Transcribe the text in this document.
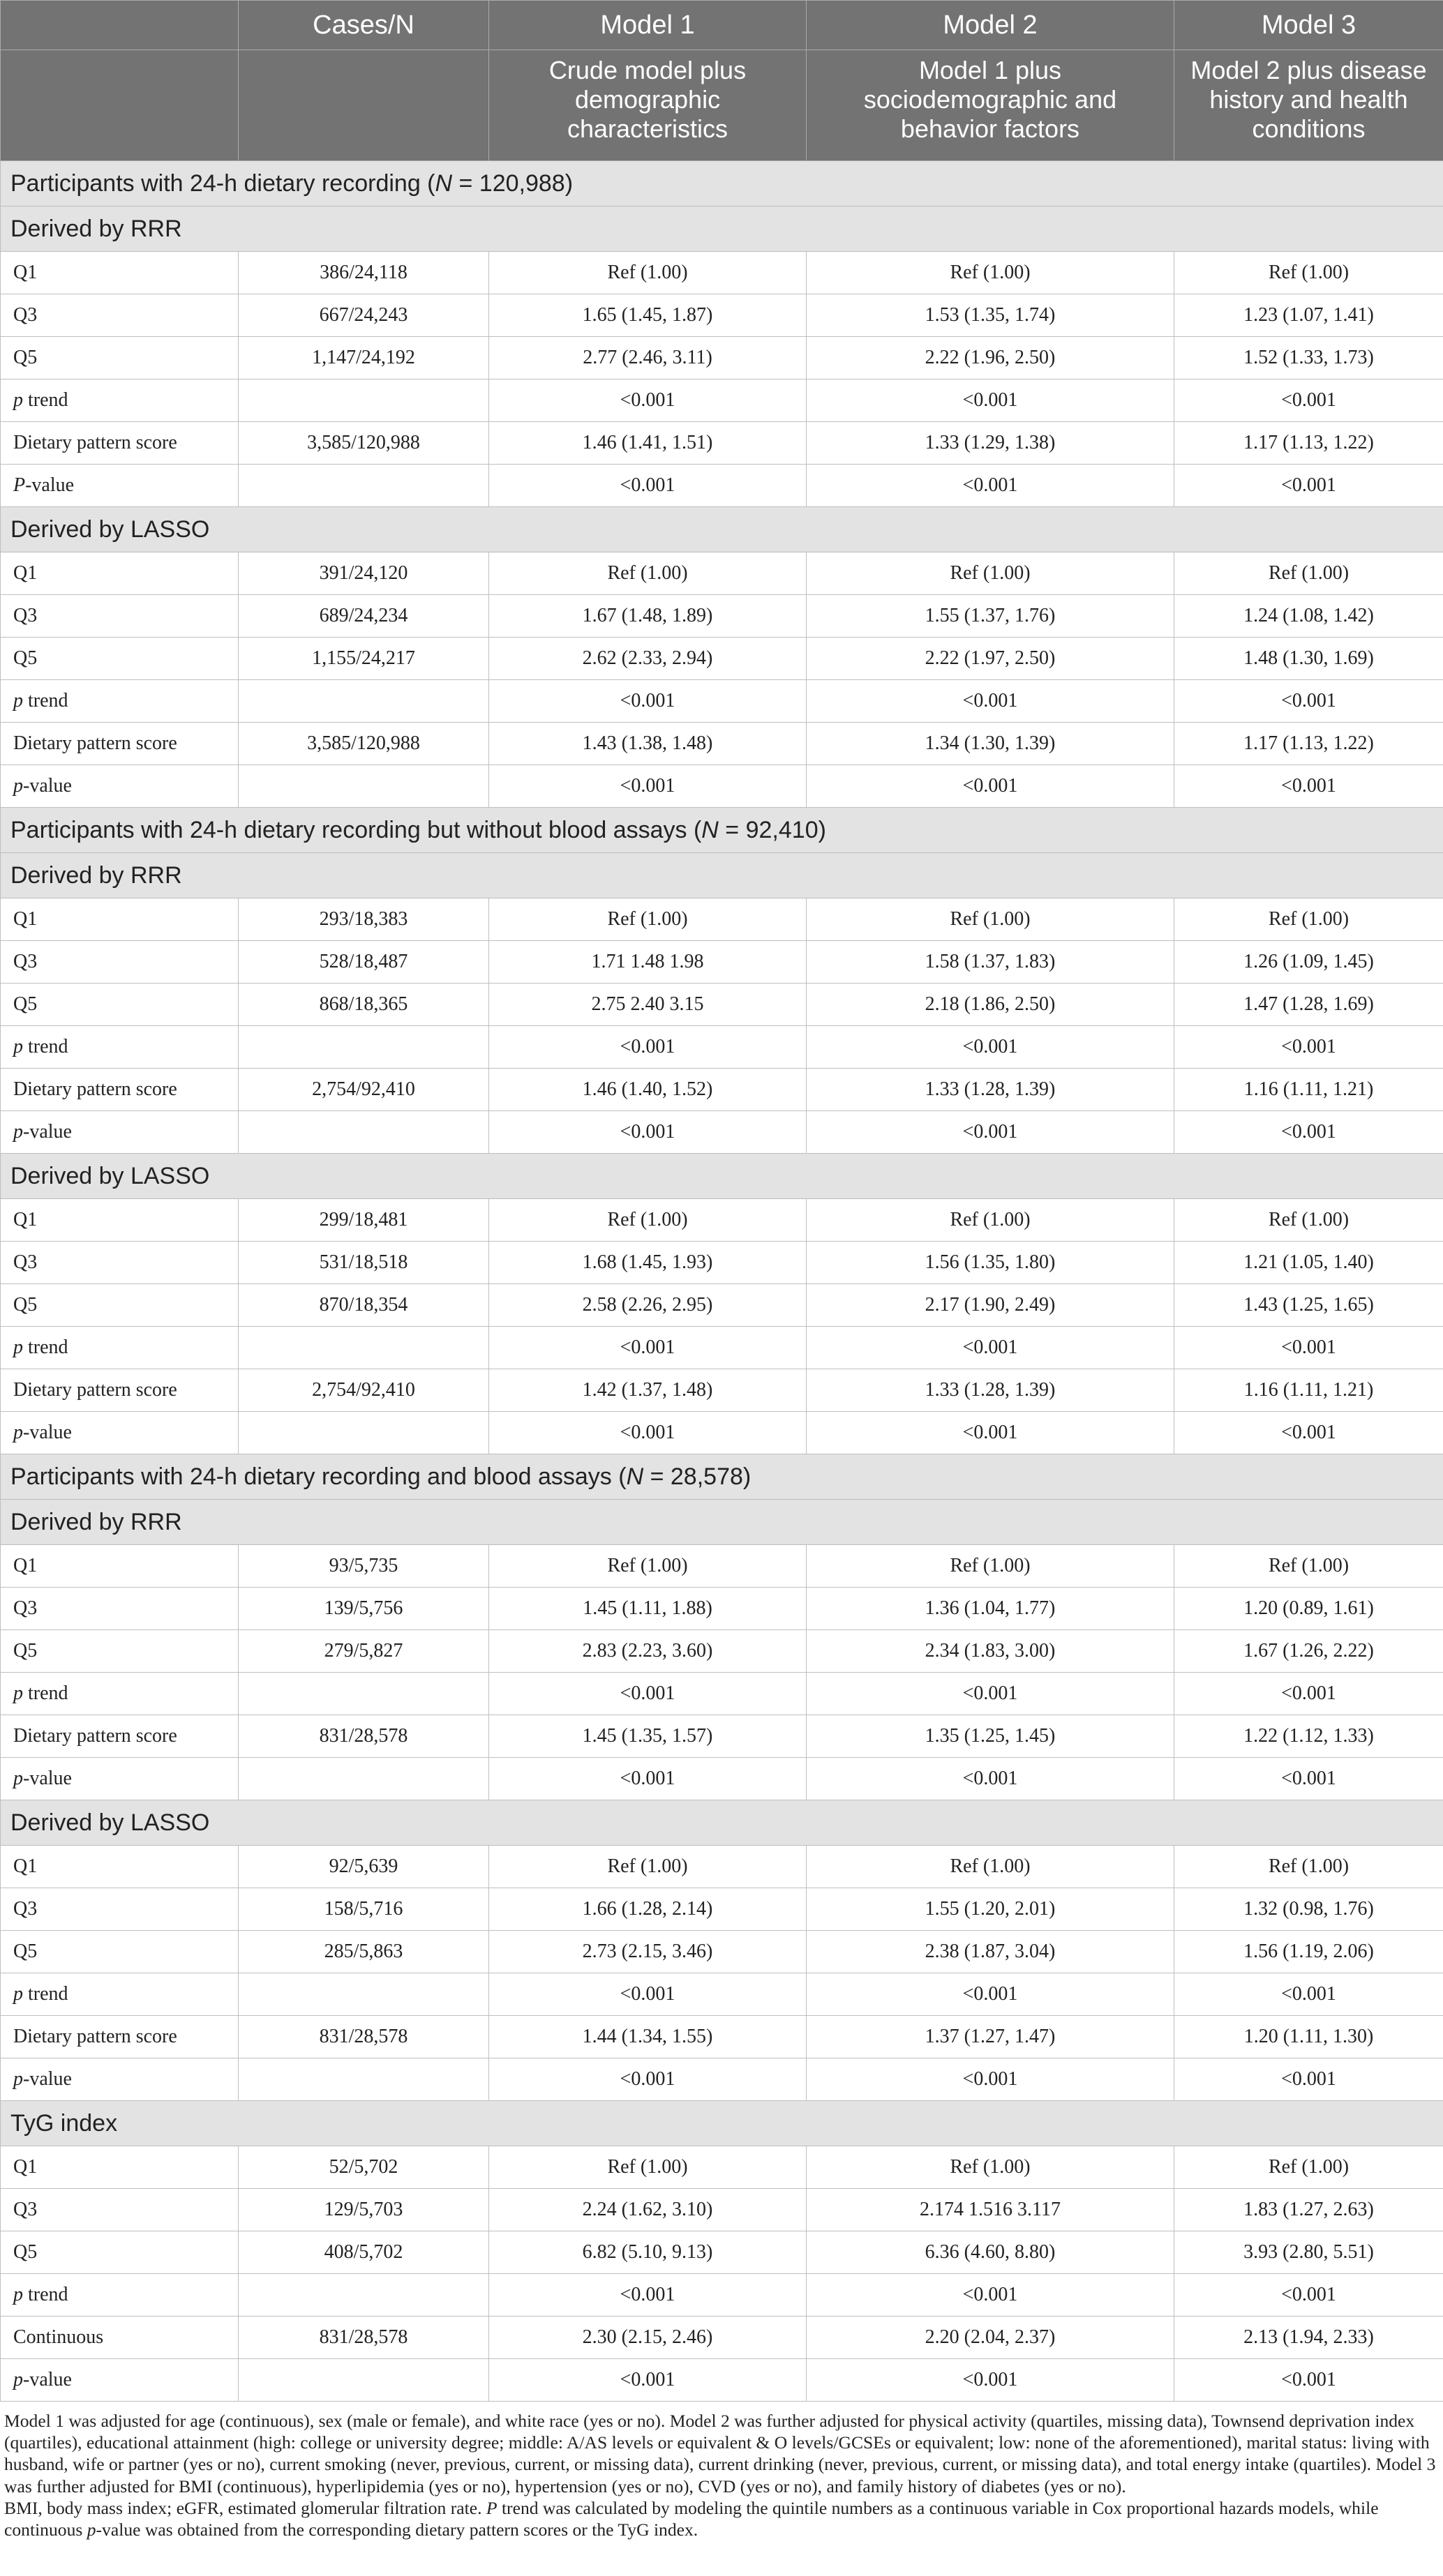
	Cases/N	Model 1	Model 2	Model 3
		Crude model plus demographic characteristics	Model 1 plus sociodemographic and behavior factors	Model 2 plus disease history and health conditions
Participants with 24-h dietary recording (N = 120,988)				
Derived by RRR				
Q1	386/24,118	Ref (1.00)	Ref (1.00)	Ref (1.00)
Q3	667/24,243	1.65 (1.45, 1.87)	1.53 (1.35, 1.74)	1.23 (1.07, 1.41)
Q5	1,147/24,192	2.77 (2.46, 3.11)	2.22 (1.96, 2.50)	1.52 (1.33, 1.73)
p trend		<0.001	<0.001	<0.001
Dietary pattern score	3,585/120,988	1.46 (1.41, 1.51)	1.33 (1.29, 1.38)	1.17 (1.13, 1.22)
P-value		<0.001	<0.001	<0.001
Derived by LASSO				
Q1	391/24,120	Ref (1.00)	Ref (1.00)	Ref (1.00)
Q3	689/24,234	1.67 (1.48, 1.89)	1.55 (1.37, 1.76)	1.24 (1.08, 1.42)
Q5	1,155/24,217	2.62 (2.33, 2.94)	2.22 (1.97, 2.50)	1.48 (1.30, 1.69)
p trend		<0.001	<0.001	<0.001
Dietary pattern score	3,585/120,988	1.43 (1.38, 1.48)	1.34 (1.30, 1.39)	1.17 (1.13, 1.22)
p-value		<0.001	<0.001	<0.001
Participants with 24-h dietary recording but without blood assays (N = 92,410)				
Derived by RRR				
Q1	293/18,383	Ref (1.00)	Ref (1.00)	Ref (1.00)
Q3	528/18,487	1.71 1.48 1.98	1.58 (1.37, 1.83)	1.26 (1.09, 1.45)
Q5	868/18,365	2.75 2.40 3.15	2.18 (1.86, 2.50)	1.47 (1.28, 1.69)
p trend		<0.001	<0.001	<0.001
Dietary pattern score	2,754/92,410	1.46 (1.40, 1.52)	1.33 (1.28, 1.39)	1.16 (1.11, 1.21)
p-value		<0.001	<0.001	<0.001
Derived by LASSO				
Q1	299/18,481	Ref (1.00)	Ref (1.00)	Ref (1.00)
Q3	531/18,518	1.68 (1.45, 1.93)	1.56 (1.35, 1.80)	1.21 (1.05, 1.40)
Q5	870/18,354	2.58 (2.26, 2.95)	2.17 (1.90, 2.49)	1.43 (1.25, 1.65)
p trend		<0.001	<0.001	<0.001
Dietary pattern score	2,754/92,410	1.42 (1.37, 1.48)	1.33 (1.28, 1.39)	1.16 (1.11, 1.21)
p-value		<0.001	<0.001	<0.001
Participants with 24-h dietary recording and blood assays (N = 28,578)				
Derived by RRR				
Q1	93/5,735	Ref (1.00)	Ref (1.00)	Ref (1.00)
Q3	139/5,756	1.45 (1.11, 1.88)	1.36 (1.04, 1.77)	1.20 (0.89, 1.61)
Q5	279/5,827	2.83 (2.23, 3.60)	2.34 (1.83, 3.00)	1.67 (1.26, 2.22)
p trend		<0.001	<0.001	<0.001
Dietary pattern score	831/28,578	1.45 (1.35, 1.57)	1.35 (1.25, 1.45)	1.22 (1.12, 1.33)
p-value		<0.001	<0.001	<0.001
Derived by LASSO				
Q1	92/5,639	Ref (1.00)	Ref (1.00)	Ref (1.00)
Q3	158/5,716	1.66 (1.28, 2.14)	1.55 (1.20, 2.01)	1.32 (0.98, 1.76)
Q5	285/5,863	2.73 (2.15, 3.46)	2.38 (1.87, 3.04)	1.56 (1.19, 2.06)
p trend		<0.001	<0.001	<0.001
Dietary pattern score	831/28,578	1.44 (1.34, 1.55)	1.37 (1.27, 1.47)	1.20 (1.11, 1.30)
p-value		<0.001	<0.001	<0.001
TyG index				
Q1	52/5,702	Ref (1.00)	Ref (1.00)	Ref (1.00)
Q3	129/5,703	2.24 (1.62, 3.10)	2.174 1.516 3.117	1.83 (1.27, 2.63)
Q5	408/5,702	6.82 (5.10, 9.13)	6.36 (4.60, 8.80)	3.93 (2.80, 5.51)
p trend		<0.001	<0.001	<0.001
Continuous	831/28,578	2.30 (2.15, 2.46)	2.20 (2.04, 2.37)	2.13 (1.94, 2.33)
p-value		<0.001	<0.001	<0.001

Model 1 was adjusted for age (continuous), sex (male or female), and white race (yes or no). Model 2 was further adjusted for physical activity (quartiles, missing data), Townsend deprivation index (quartiles), educational attainment (high: college or university degree; middle: A/AS levels or equivalent & O levels/GCSEs or equivalent; low: none of the aforementioned), marital status: living with husband, wife or partner (yes or no), current smoking (never, previous, current, or missing data), current drinking (never, previous, current, or missing data), and total energy intake (quartiles). Model 3 was further adjusted for BMI (continuous), hyperlipidemia (yes or no), hypertension (yes or no), CVD (yes or no), and family history of diabetes (yes or no).

BMI, body mass index; eGFR, estimated glomerular filtration rate. P trend was calculated by modeling the quintile numbers as a continuous variable in Cox proportional hazards models, while continuous p-value was obtained from the corresponding dietary pattern scores or the TyG index.
